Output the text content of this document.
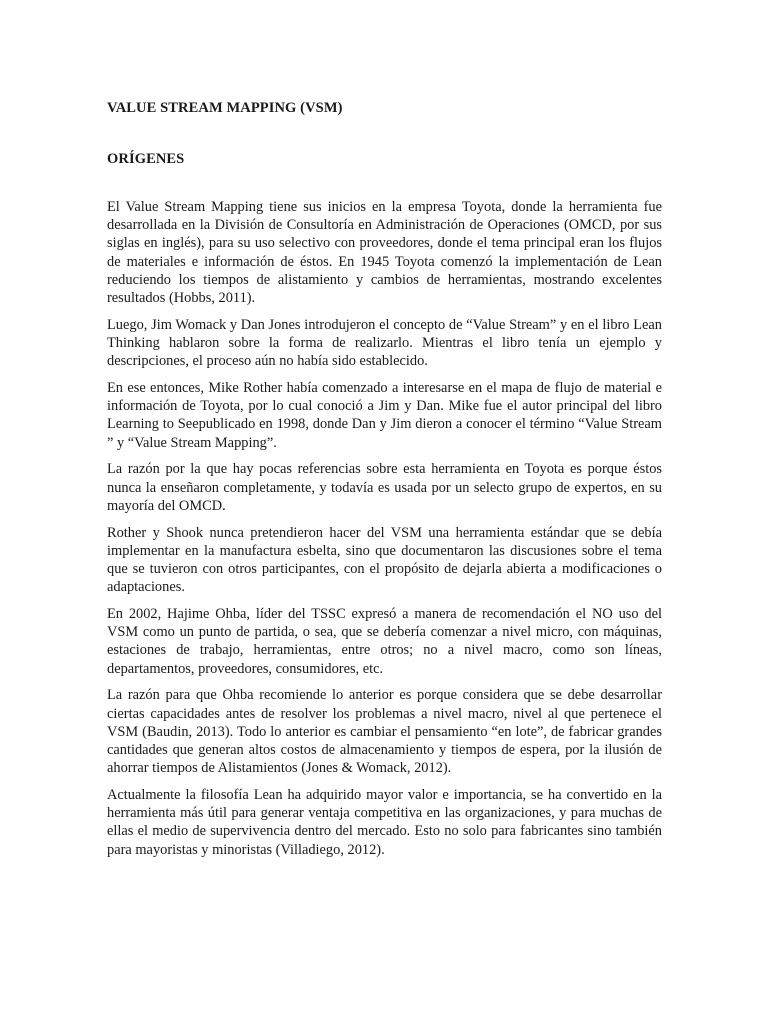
VALUE STREAM MAPPING (VSM)
ORÍGENES

El Value Stream Mapping tiene sus inicios en la empresa Toyota, donde la herramienta fue desarrollada en la División de Consultoría en Administración de Operaciones (OMCD, por sus siglas en inglés), para su uso selectivo con proveedores, donde el tema principal eran los flujos de materiales e información de éstos. En 1945 Toyota comenzó la implementación de Lean reduciendo los tiempos de alistamiento y cambios de herramientas, mostrando excelentes resultados (Hobbs, 2011).

Luego, Jim Womack y Dan Jones introdujeron el concepto de “Value Stream” y en el libro Lean Thinking hablaron sobre la forma de realizarlo. Mientras el libro tenía un ejemplo y descripciones, el proceso aún no había sido establecido.

En ese entonces, Mike Rother había comenzado a interesarse en el mapa de flujo de material e información de Toyota, por lo cual conoció a Jim y Dan. Mike fue el autor principal del libro Learning to Seepublicado en 1998, donde Dan y Jim dieron a conocer el término “Value Stream ” y “Value Stream Mapping”.

La razón por la que hay pocas referencias sobre esta herramienta en Toyota es porque éstos nunca la enseñaron completamente, y todavía es usada por un selecto grupo de expertos, en su mayoría del OMCD.

Rother y Shook nunca pretendieron hacer del VSM una herramienta estándar que se debía implementar en la manufactura esbelta, sino que documentaron las discusiones sobre el tema que se tuvieron con otros participantes, con el propósito de dejarla abierta a modificaciones o adaptaciones.

En 2002, Hajime Ohba, líder del TSSC expresó a manera de recomendación el NO uso del VSM como un punto de partida, o sea, que se debería comenzar a nivel micro, con máquinas, estaciones de trabajo, herramientas, entre otros; no a nivel macro, como son líneas, departamentos, proveedores, consumidores, etc.

La razón para que Ohba recomiende lo anterior es porque considera que se debe desarrollar ciertas capacidades antes de resolver los problemas a nivel macro, nivel al que pertenece el VSM (Baudin, 2013). Todo lo anterior es cambiar el pensamiento “en lote”, de fabricar grandes cantidades que generan altos costos de almacenamiento y tiempos de espera, por la ilusión de ahorrar tiempos de Alistamientos (Jones & Womack, 2012).

Actualmente la filosofía Lean ha adquirido mayor valor e importancia, se ha convertido en la herramienta más útil para generar ventaja competitiva en las organizaciones, y para muchas de ellas el medio de supervivencia dentro del mercado. Esto no solo para fabricantes sino también para mayoristas y minoristas (Villadiego, 2012).
